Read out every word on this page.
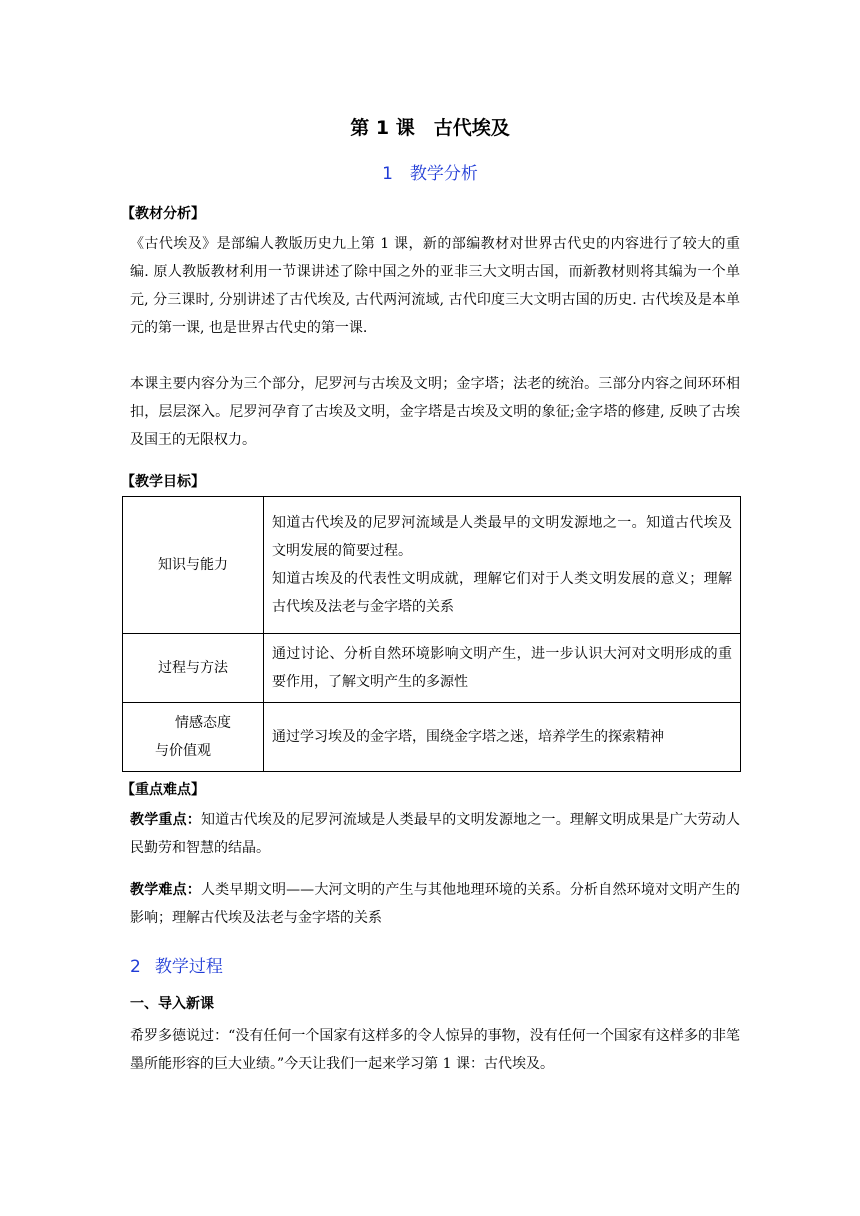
第 1 课　古代埃及
1　 教学分析
【教材分析】
《古代埃及》是部编人教版历史九上第 1 课，新的部编教材对世界古代史的内容进行了较大的重编. 原人教版教材利用一节课讲述了除中国之外的亚非三大文明古国，而新教材则将其编为一个单元, 分三课时, 分别讲述了古代埃及, 古代两河流域, 古代印度三大文明古国的历史. 古代埃及是本单元的第一课, 也是世界古代史的第一课.
本课主要内容分为三个部分，尼罗河与古埃及文明；金字塔；法老的统治。三部分内容之间环环相扣，层层深入。尼罗河孕育了古埃及文明，金字塔是古埃及文明的象征;金字塔的修建, 反映了古埃及国王的无限权力。
【教学目标】
知识与能力	知道古代埃及的尼罗河流域是人类最早的文明发源地之一。知道古代埃及文明发展的简要过程。
知道古埃及的代表性文明成就，理解它们对于人类文明发展的意义；理解古代埃及法老与金字塔的关系

过程与方法	通过讨论、分析自然环境影响文明产生，进一步认识大河对文明形成的重要作用，了解文明产生的多源性

情感态度
与价值观	通过学习埃及的金字塔，围绕金字塔之迷，培养学生的探索精神
【重点难点】
教学重点：知道古代埃及的尼罗河流域是人类最早的文明发源地之一。理解文明成果是广大劳动人民勤劳和智慧的结晶。
教学难点：人类早期文明——大河文明的产生与其他地理环境的关系。分析自然环境对文明产生的影响；理解古代埃及法老与金字塔的关系
2 教学过程
一、导入新课
希罗多德说过：“没有任何一个国家有这样多的令人惊异的事物，没有任何一个国家有这样多的非笔墨所能形容的巨大业绩。”今天让我们一起来学习第 1 课：古代埃及。
